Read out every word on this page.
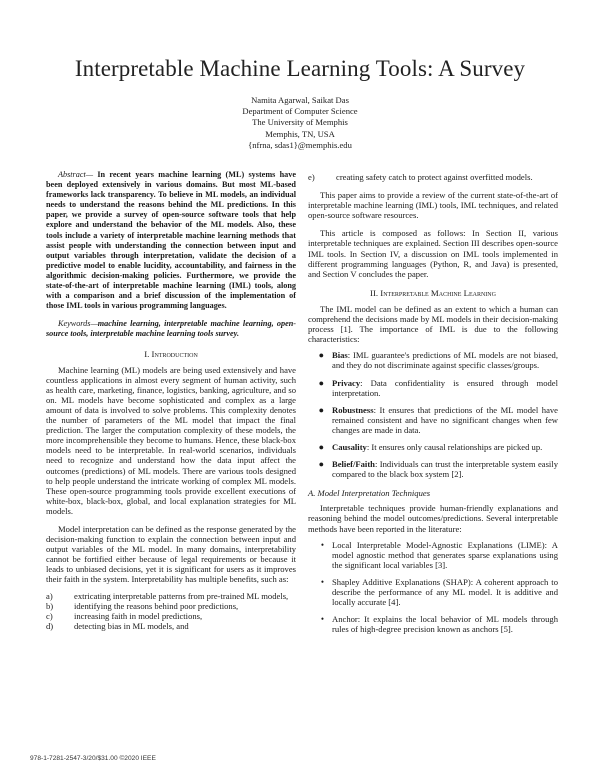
Interpretable Machine Learning Tools: A Survey
Namita Agarwal, Saikat Das
Department of Computer Science
The University of Memphis
Memphis, TN, USA
{nfrna, sdas1}@memphis.edu

Abstract— In recent years machine learning (ML) systems have been deployed extensively in various domains. But most ML-based frameworks lack transparency. To believe in ML models, an individual needs to understand the reasons behind the ML predictions. In this paper, we provide a survey of open-source software tools that help explore and understand the behavior of the ML models. Also, these tools include a variety of interpretable machine learning methods that assist people with understanding the connection between input and output variables through interpretation, validate the decision of a predictive model to enable lucidity, accountability, and fairness in the algorithmic decision-making policies. Furthermore, we provide the state-of-the-art of interpretable machine learning (IML) tools, along with a comparison and a brief discussion of the implementation of those IML tools in various programming languages.

Keywords—machine learning, interpretable machine learning, open-source tools, interpretable machine learning tools survey.

I. Introduction

Machine learning (ML) models are being used extensively and have countless applications in almost every segment of human activity, such as health care, marketing, finance, logistics, banking, agriculture, and so on. ML models have become sophisticated and complex as a large amount of data is involved to solve problems. This complexity denotes the number of parameters of the ML model that impact the final prediction. The larger the computation complexity of these models, the more incomprehensible they become to humans. Hence, these black-box models need to be interpretable. In real-world scenarios, individuals need to recognize and understand how the data input affect the outcomes (predictions) of ML models. There are various tools designed to help people understand the intricate working of complex ML models. These open-source programming tools provide excellent executions of white-box, black-box, global, and local explanation strategies for ML models.

Model interpretation can be defined as the response generated by the decision-making function to explain the connection between input and output variables of the ML model. In many domains, interpretability cannot be fortified either because of legal requirements or because it leads to unbiased decisions, yet it is significant for users as it improves their faith in the system. Interpretability has multiple benefits, such as:

a)	extricating interpretable patterns from pre-trained ML models,
b)	identifying the reasons behind poor predictions,
c)	increasing faith in model predictions,
d)	detecting bias in ML models, and
e)	creating safety catch to protect against overfitted models.

This paper aims to provide a review of the current state-of-the-art of interpretable machine learning (IML) tools, IML techniques, and related open-source software resources.

This article is composed as follows: In Section II, various interpretable techniques are explained. Section III describes open-source IML tools. In Section IV, a discussion on IML tools implemented in different programming languages (Python, R, and Java) is presented, and Section V concludes the paper.

II. Interpretable Machine Learning

The IML model can be defined as an extent to which a human can comprehend the decisions made by ML models in their decision-making process [1]. The importance of IML is due to the following characteristics:

● Bias: IML guarantee's predictions of ML models are not biased, and they do not discriminate against specific classes/groups.
● Privacy: Data confidentiality is ensured through model interpretation.
● Robustness: It ensures that predictions of the ML model have remained consistent and have no significant changes when few changes are made in data.
● Causality: It ensures only causal relationships are picked up.
● Belief/Faith: Individuals can trust the interpretable system easily compared to the black box system [2].
A. Model Interpretation Techniques

Interpretable techniques provide human-friendly explanations and reasoning behind the model outcomes/predictions. Several interpretable methods have been reported in the literature:

• Local Interpretable Model-Agnostic Explanations (LIME): A model agnostic method that generates sparse explanations using the significant local variables [3].
• Shapley Additive Explanations (SHAP): A coherent approach to describe the performance of any ML model. It is additive and locally accurate [4].
• Anchor: It explains the local behavior of ML models through rules of high-degree precision known as anchors [5].
978-1-7281-2547-3/20/$31.00 ©2020 IEEE
